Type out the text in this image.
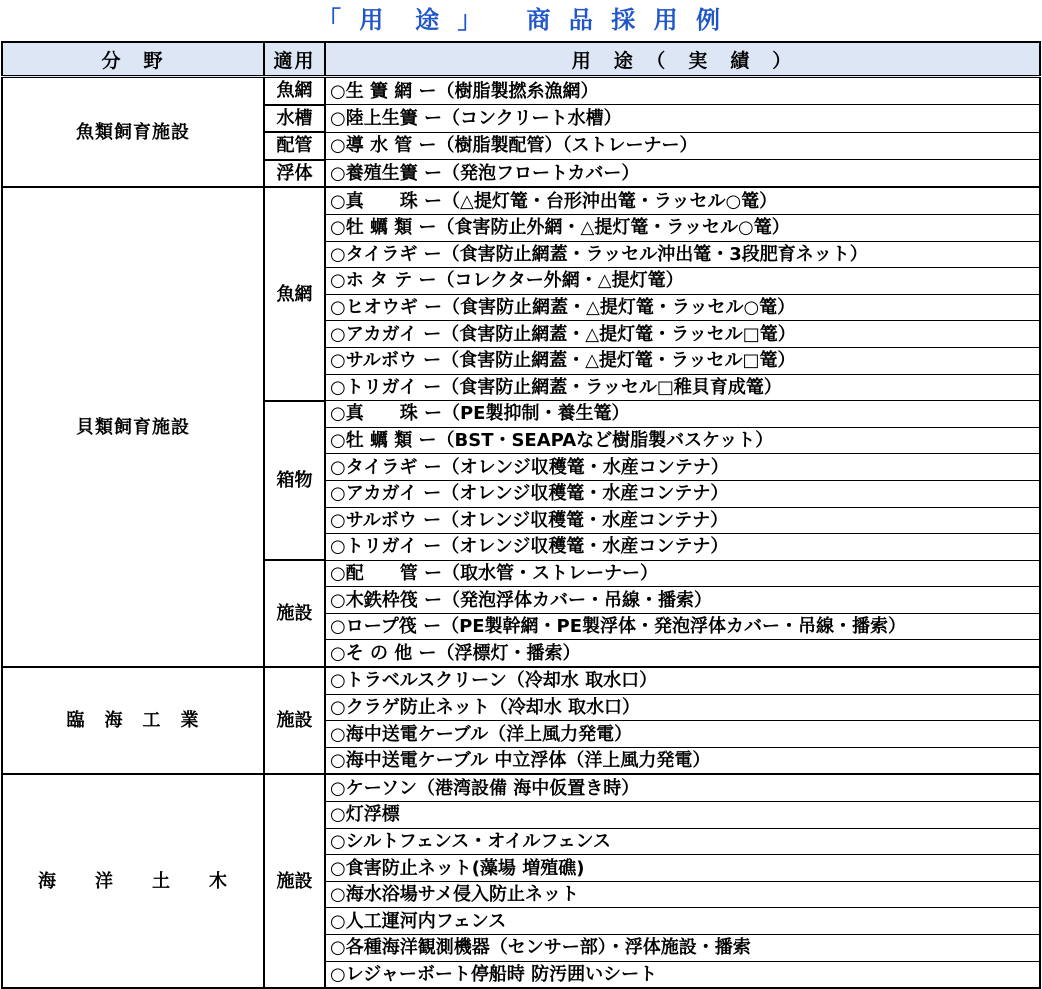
「 用  途 」   商 品 採 用 例
分　野	適用	用　途　（　実　績　）
魚類飼育施設	魚網	○生 簀 網 ー（樹脂製撚糸漁網）
	水槽	○陸上生簀 ー（コンクリート水槽）
	配管	○導 水 管 ー（樹脂製配管）（ストレーナー）
	浮体	○養殖生簀 ー（発泡フロートカバー）
貝類飼育施設	魚網	○真　　珠 ー（△提灯篭・台形沖出篭・ラッセル○篭）
		○牡 蠣 類 ー（食害防止外網・△提灯篭・ラッセル○篭）
		○タイラギ ー（食害防止網蓋・ラッセル沖出篭・3段肥育ネット）
		○ホ タ テ ー（コレクター外網・△提灯篭）
		○ヒオウギ ー（食害防止網蓋・△提灯篭・ラッセル○篭）
		○アカガイ ー（食害防止網蓋・△提灯篭・ラッセル□篭）
		○サルボウ ー（食害防止網蓋・△提灯篭・ラッセル□篭）
		○トリガイ ー（食害防止網蓋・ラッセル□稚貝育成篭）
	箱物	○真　　珠 ー（PE製抑制・養生篭）
		○牡 蠣 類 ー（BST・SEAPAなど樹脂製バスケット）
		○タイラギ ー（オレンジ収穫篭・水産コンテナ）
		○アカガイ ー（オレンジ収穫篭・水産コンテナ）
		○サルボウ ー（オレンジ収穫篭・水産コンテナ）
		○トリガイ ー（オレンジ収穫篭・水産コンテナ）
	施設	○配　　管 ー（取水管・ストレーナー）
		○木鉄枠筏 ー（発泡浮体カバー・吊線・播索）
		○ロープ筏 ー（PE製幹網・PE製浮体・発泡浮体カバー・吊線・播索）
		○そ の 他 ー（浮標灯・播索）
臨　海　工　業	施設	○トラベルスクリーン（冷却水 取水口）
		○クラゲ防止ネット（冷却水 取水口）
		○海中送電ケーブル（洋上風力発電）
		○海中送電ケーブル 中立浮体（洋上風力発電）
海　　洋　　土　　木	施設	○ケーソン（港湾設備 海中仮置き時）
		○灯浮標
		○シルトフェンス・オイルフェンス
		○食害防止ネット(藻場 増殖礁)
		○海水浴場サメ侵入防止ネット
		○人工運河内フェンス
		○各種海洋観測機器（センサー部）・浮体施設・播索
		○レジャーボート停船時 防汚囲いシート
